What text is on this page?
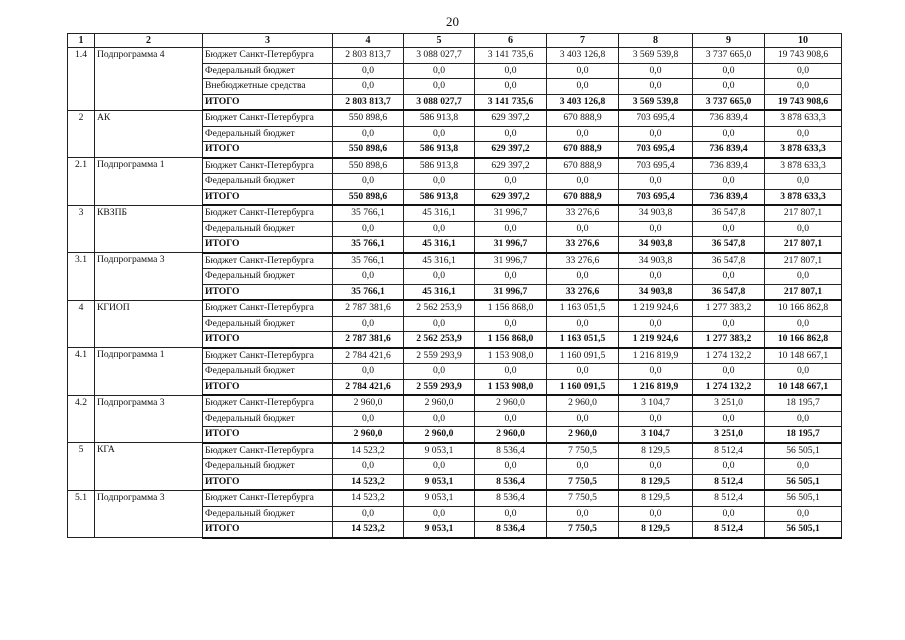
20
1	2	3	4	5	6	7	8	9	10
1.4	Подпрограмма 4	Бюджет Санкт-Петербурга	2 803 813,7	3 088 027,7	3 141 735,6	3 403 126,8	3 569 539,8	3 737 665,0	19 743 908,6
		Федеральный бюджет	0,0	0,0	0,0	0,0	0,0	0,0	0,0
		Внебюджетные средства	0,0	0,0	0,0	0,0	0,0	0,0	0,0
		ИТОГО	2 803 813,7	3 088 027,7	3 141 735,6	3 403 126,8	3 569 539,8	3 737 665,0	19 743 908,6
2	АК	Бюджет Санкт-Петербурга	550 898,6	586 913,8	629 397,2	670 888,9	703 695,4	736 839,4	3 878 633,3
		Федеральный бюджет	0,0	0,0	0,0	0,0	0,0	0,0	0,0
		ИТОГО	550 898,6	586 913,8	629 397,2	670 888,9	703 695,4	736 839,4	3 878 633,3
2.1	Подпрограмма 1	Бюджет Санкт-Петербурга	550 898,6	586 913,8	629 397,2	670 888,9	703 695,4	736 839,4	3 878 633,3
		Федеральный бюджет	0,0	0,0	0,0	0,0	0,0	0,0	0,0
		ИТОГО	550 898,6	586 913,8	629 397,2	670 888,9	703 695,4	736 839,4	3 878 633,3
3	КВЗПБ	Бюджет Санкт-Петербурга	35 766,1	45 316,1	31 996,7	33 276,6	34 903,8	36 547,8	217 807,1
		Федеральный бюджет	0,0	0,0	0,0	0,0	0,0	0,0	0,0
		ИТОГО	35 766,1	45 316,1	31 996,7	33 276,6	34 903,8	36 547,8	217 807,1
3.1	Подпрограмма 3	Бюджет Санкт-Петербурга	35 766,1	45 316,1	31 996,7	33 276,6	34 903,8	36 547,8	217 807,1
		Федеральный бюджет	0,0	0,0	0,0	0,0	0,0	0,0	0,0
		ИТОГО	35 766,1	45 316,1	31 996,7	33 276,6	34 903,8	36 547,8	217 807,1
4	КГИОП	Бюджет Санкт-Петербурга	2 787 381,6	2 562 253,9	1 156 868,0	1 163 051,5	1 219 924,6	1 277 383,2	10 166 862,8
		Федеральный бюджет	0,0	0,0	0,0	0,0	0,0	0,0	0,0
		ИТОГО	2 787 381,6	2 562 253,9	1 156 868,0	1 163 051,5	1 219 924,6	1 277 383,2	10 166 862,8
4.1	Подпрограмма 1	Бюджет Санкт-Петербурга	2 784 421,6	2 559 293,9	1 153 908,0	1 160 091,5	1 216 819,9	1 274 132,2	10 148 667,1
		Федеральный бюджет	0,0	0,0	0,0	0,0	0,0	0,0	0,0
		ИТОГО	2 784 421,6	2 559 293,9	1 153 908,0	1 160 091,5	1 216 819,9	1 274 132,2	10 148 667,1
4.2	Подпрограмма 3	Бюджет Санкт-Петербурга	2 960,0	2 960,0	2 960,0	2 960,0	3 104,7	3 251,0	18 195,7
		Федеральный бюджет	0,0	0,0	0,0	0,0	0,0	0,0	0,0
		ИТОГО	2 960,0	2 960,0	2 960,0	2 960,0	3 104,7	3 251,0	18 195,7
5	КГА	Бюджет Санкт-Петербурга	14 523,2	9 053,1	8 536,4	7 750,5	8 129,5	8 512,4	56 505,1
		Федеральный бюджет	0,0	0,0	0,0	0,0	0,0	0,0	0,0
		ИТОГО	14 523,2	9 053,1	8 536,4	7 750,5	8 129,5	8 512,4	56 505,1
5.1	Подпрограмма 3	Бюджет Санкт-Петербурга	14 523,2	9 053,1	8 536,4	7 750,5	8 129,5	8 512,4	56 505,1
		Федеральный бюджет	0,0	0,0	0,0	0,0	0,0	0,0	0,0
		ИТОГО	14 523,2	9 053,1	8 536,4	7 750,5	8 129,5	8 512,4	56 505,1
